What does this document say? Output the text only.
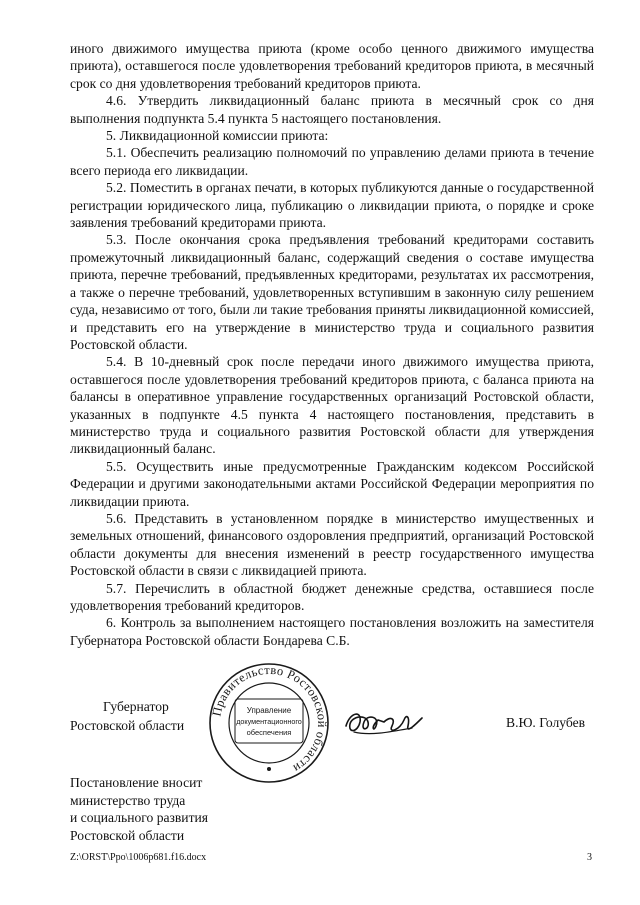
иного движимого имущества приюта (кроме особо ценного движимого имущества приюта), оставшегося после удовлетворения требований кредиторов приюта, в месячный срок со дня удовлетворения требований кредиторов приюта.

4.6. Утвердить ликвидационный баланс приюта в месячный срок со дня выполнения подпункта 5.4 пункта 5 настоящего постановления.

5. Ликвидационной комиссии приюта:

5.1. Обеспечить реализацию полномочий по управлению делами приюта в течение всего периода его ликвидации.

5.2. Поместить в органах печати, в которых публикуются данные о государственной регистрации юридического лица, публикацию о ликвидации приюта, о порядке и сроке заявления требований кредиторами приюта.

5.3. После окончания срока предъявления требований кредиторами составить промежуточный ликвидационный баланс, содержащий сведения о составе имущества приюта, перечне требований, предъявленных кредиторами, результатах их рассмотрения, а также о перечне требований, удовлетворенных вступившим в законную силу решением суда, независимо от того, были ли такие требования приняты ликвидационной комиссией, и представить его на утверждение в министерство труда и социального развития Ростовской области.

5.4. В 10-дневный срок после передачи иного движимого имущества приюта, оставшегося после удовлетворения требований кредиторов приюта, с баланса приюта на балансы в оперативное управление государственных организаций Ростовской области, указанных в подпункте 4.5 пункта 4 настоящего постановления, представить в министерство труда и социального развития Ростовской области для утверждения ликвидационный баланс.

5.5. Осуществить иные предусмотренные Гражданским кодексом Российской Федерации и другими законодательными актами Российской Федерации мероприятия по ликвидации приюта.

5.6. Представить в установленном порядке в министерство имущественных и земельных отношений, финансового оздоровления предприятий, организаций Ростовской области документы для внесения изменений в реестр государственного имущества Ростовской области в связи с ликвидацией приюта.

5.7. Перечислить в областной бюджет денежные средства, оставшиеся после удовлетворения требований кредиторов.

6. Контроль за выполнением настоящего постановления возложить на заместителя Губернатора Ростовской области Бондарева С.Б.

Губернатор
Ростовской области
Правительство Ростовской области
Управление
документационного
обеспечения
В.Ю. Голубев
Постановление вносит
министерство труда
и социального развития
Ростовской области
Z:\ORST\Ppo\1006p681.f16.docx	3
